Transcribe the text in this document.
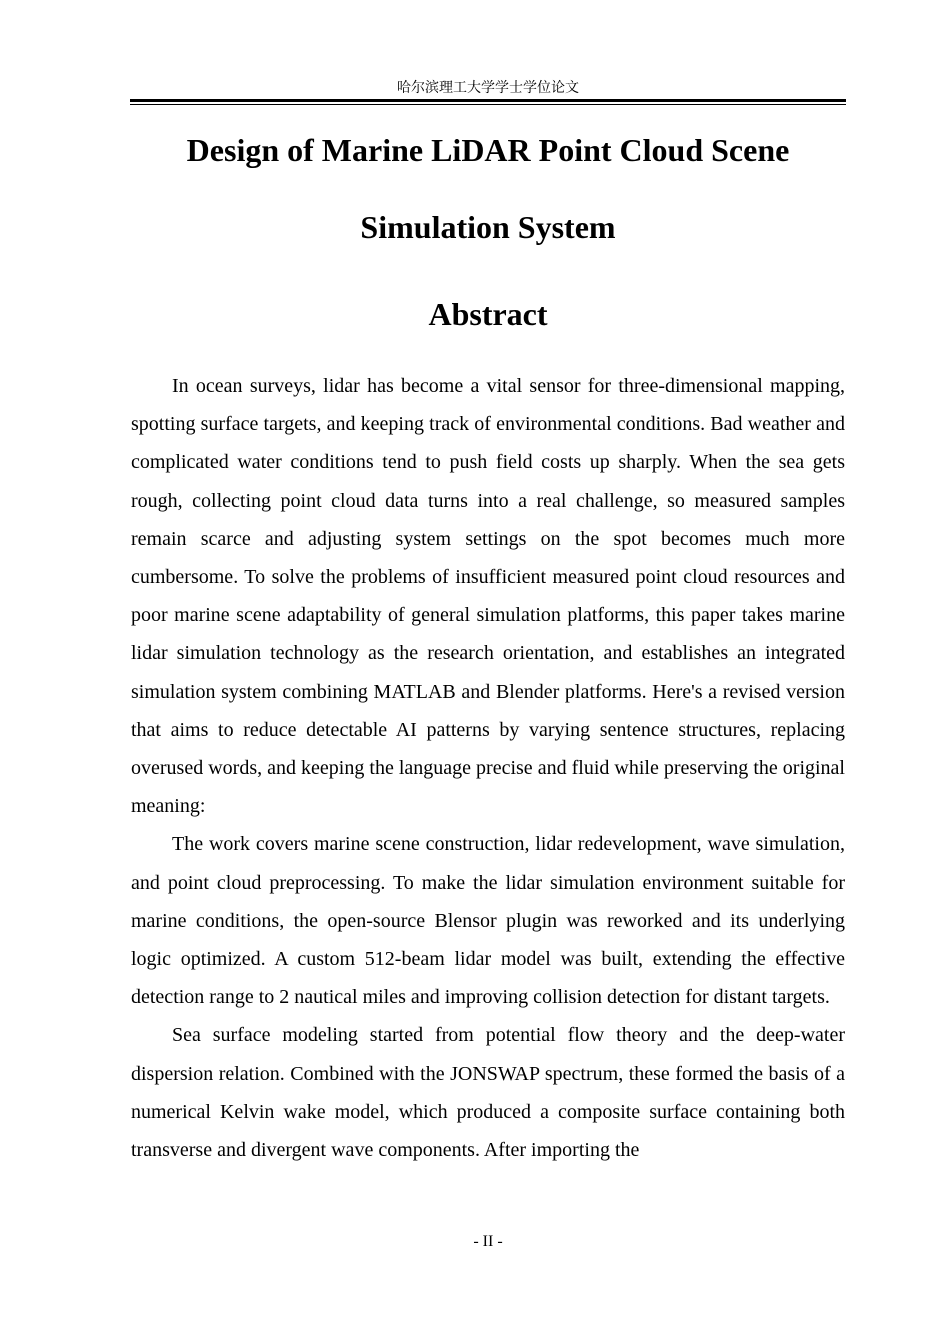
哈尔滨理工大学学士学位论文
Design of Marine LiDAR Point Cloud Scene
Simulation System
Abstract

In ocean surveys, lidar has become a vital sensor for three-dimensional mapping, spotting surface targets, and keeping track of environmental conditions. Bad weather and complicated water conditions tend to push field costs up sharply. When the sea gets rough, collecting point cloud data turns into a real challenge, so measured samples remain scarce and adjusting system settings on the spot becomes much more cumbersome. To solve the problems of insufficient measured point cloud resources and poor marine scene adaptability of general simulation platforms, this paper takes marine lidar simulation technology as the research orientation, and establishes an integrated simulation system combining MATLAB and Blender platforms. Here's a revised version that aims to reduce detectable AI patterns by varying sentence structures, replacing overused words, and keeping the language precise and fluid while preserving the original meaning:

The work covers marine scene construction, lidar redevelopment, wave simulation, and point cloud preprocessing. To make the lidar simulation environment suitable for marine conditions, the open-source Blensor plugin was reworked and its underlying logic optimized. A custom 512-beam lidar model was built, extending the effective detection range to 2 nautical miles and improving collision detection for distant targets.

Sea surface modeling started from potential flow theory and the deep-water dispersion relation. Combined with the JONSWAP spectrum, these formed the basis of a numerical Kelvin wake model, which produced a composite surface containing both transverse and divergent wave components. After importing the

- II -
